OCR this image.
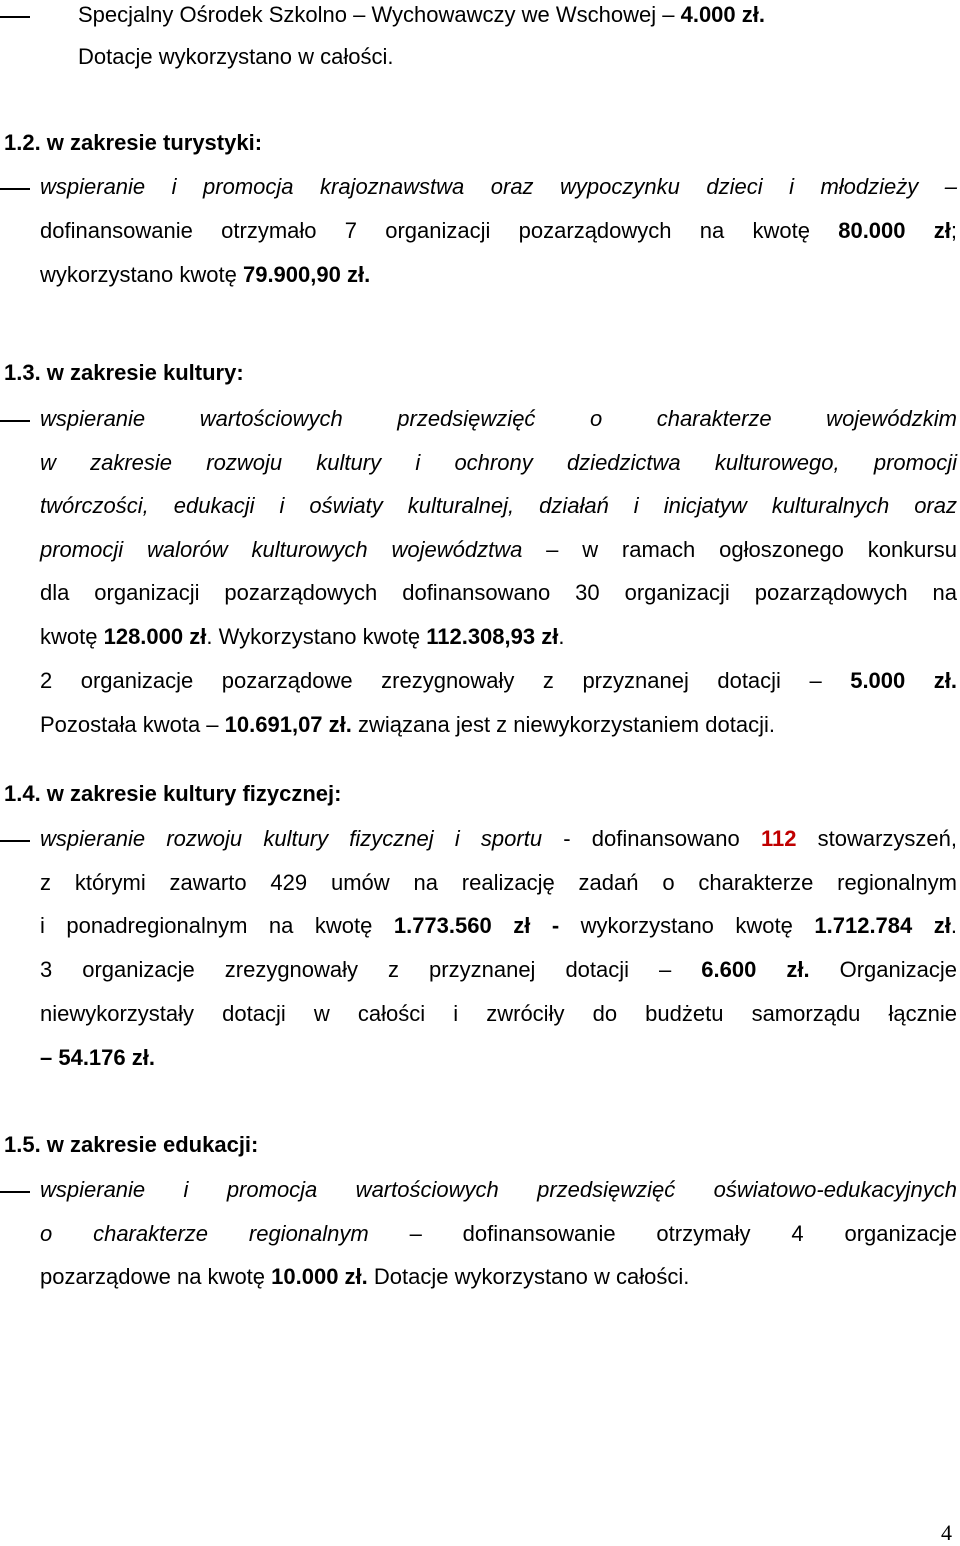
Specjalny Ośrodek Szkolno – Wychowawczy we Wschowej – 4.000 zł.
Dotacje wykorzystano w całości.
1.2. w zakresie turystyki:
wspieranie i promocja krajoznawstwa oraz wypoczynku dzieci i młodzieży –
dofinansowanie otrzymało 7 organizacji pozarządowych na kwotę 80.000 zł;
wykorzystano kwotę 79.900,90 zł.
1.3. w zakresie kultury:
wspieranie wartościowych przedsięwzięć o charakterze wojewódzkim
w zakresie rozwoju kultury i ochrony dziedzictwa kulturowego, promocji
twórczości, edukacji i oświaty kulturalnej, działań i inicjatyw kulturalnych oraz
promocji walorów kulturowych województwa – w ramach ogłoszonego konkursu
dla organizacji pozarządowych dofinansowano 30 organizacji pozarządowych na
kwotę 128.000 zł. Wykorzystano kwotę 112.308,93 zł.
2 organizacje pozarządowe zrezygnowały z przyznanej dotacji – 5.000 zł.
Pozostała kwota – 10.691,07 zł. związana jest z niewykorzystaniem dotacji.
1.4. w zakresie kultury fizycznej:
wspieranie rozwoju kultury fizycznej i sportu - dofinansowano 112 stowarzyszeń,
z którymi zawarto 429 umów na realizację zadań o charakterze regionalnym
i ponadregionalnym na kwotę 1.773.560 zł - wykorzystano kwotę 1.712.784 zł.
3 organizacje zrezygnowały z przyznanej dotacji – 6.600 zł. Organizacje
niewykorzystały dotacji w całości i zwróciły do budżetu samorządu łącznie
– 54.176 zł.
1.5. w zakresie edukacji:
wspieranie i promocja wartościowych przedsięwzięć oświatowo-edukacyjnych
o charakterze regionalnym – dofinansowanie otrzymały 4 organizacje
pozarządowe na kwotę 10.000 zł. Dotacje wykorzystano w całości.
4
